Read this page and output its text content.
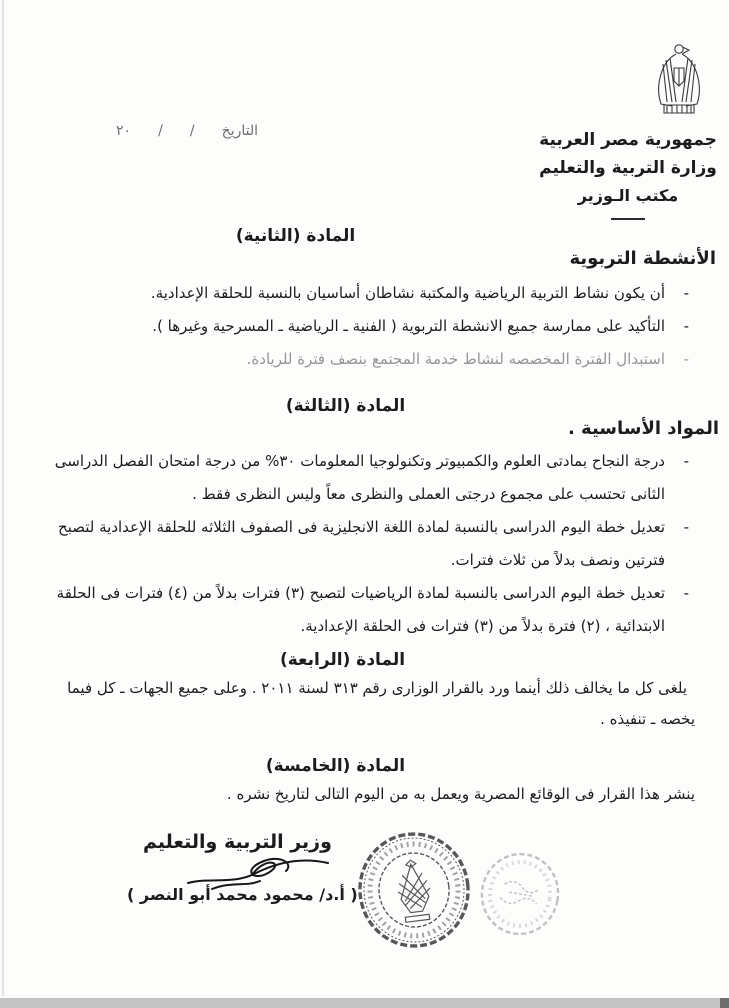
جمهورية مصر العربية
وزارة التربية والتعليم
مكتب الـوزير
التاريخ
/
/
٢٠
المادة (الثانية)
الأنشطة التربوية
-
أن يكون نشاط التربية الرياضية والمكتبة نشاطان أساسيان بالنسبة للحلقة الإعدادية.
-
التأكيد على ممارسة جميع الانشطة التربوية ( الفنية ـ الرياضية ـ المسرحية وغيرها ).
-
استبدال الفترة المخصصه لنشاط خدمة المجتمع بنصف فترة للريادة.
المادة (الثالثة)
المواد الأساسية .
-
درجة النجاح بمادتى العلوم والكمبيوتر وتكنولوجيا المعلومات ٣٠% من درجة امتحان الفصل الدراسى الثانى تحتسب على مجموع درجتى العملى والنظرى معاً وليس النظرى فقط .
-
تعديل خطة اليوم الدراسى بالنسبة لمادة اللغة الانجليزية فى الصفوف الثلاثه للحلقة الإعدادية لتصبح فترتين ونصف بدلاً من ثلاث فترات.
-
تعديل خطة اليوم الدراسى بالنسبة لمادة الرياضيات لتصبح (٣) فترات بدلاً من (٤) فترات فى الحلقة الابتدائية ، (٢) فترة بدلاً من (٣) فترات فى الحلقة الإعدادية.
المادة (الرابعة)
يلغى كل ما يخالف ذلك أينما ورد بالقرار الوزارى رقم ٣١٣ لسنة ٢٠١١ . وعلى جميع الجهات ـ كل فيما يخصه ـ تنفيذه .
المادة (الخامسة)
ينشر هذا القرار فى الوقائع المصرية ويعمل به من اليوم التالى لتاريخ نشره .
وزير التربية والتعليم
( أ.د/ محمود محمد أبو النصر )
